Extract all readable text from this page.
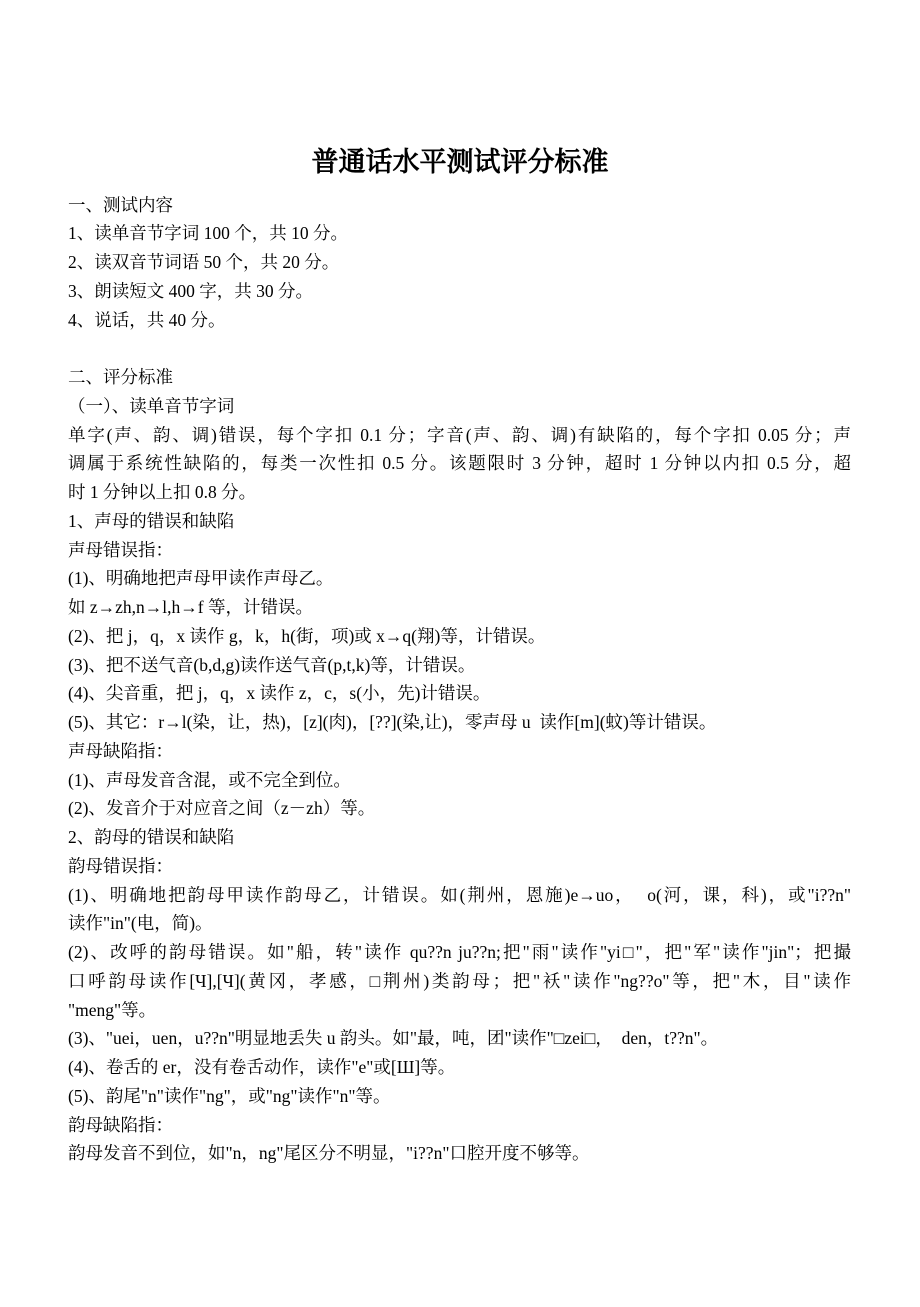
普通话水平测试评分标准
一、测试内容
1、读单音节字词 100 个，共 10 分。
2、读双音节词语 50 个，共 20 分。
3、朗读短文 400 字，共 30 分。
4、说话，共 40 分。
二、评分标准
（一）、读单音节字词
单字(声、韵、调)错误，每个字扣 0.1 分；字音(声、韵、调)有缺陷的，每个字扣 0.05 分；声
调属于系统性缺陷的，每类一次性扣 0.5 分。该题限时 3 分钟，超时 1 分钟以内扣 0.5 分，超
时 1 分钟以上扣 0.8 分。
1、声母的错误和缺陷
声母错误指：
(1)、明确地把声母甲读作声母乙。
如 z→zh,n→l,h→f 等，计错误。
(2)、把 j，q，x 读作 g，k，h(街，项)或 x→q(翔)等，计错误。
(3)、把不送气音(b,d,g)读作送气音(p,t,k)等，计错误。
(4)、尖音重，把 j，q，x 读作 z，c，s(小，先)计错误。
(5)、其它：r→l(染，让，热)，[z](肉)，[??](染,让)，零声母 u  读作[m](蚊)等计错误。
声母缺陷指：
(1)、声母发音含混，或不完全到位。
(2)、发音介于对应音之间（z－zh）等。
2、韵母的错误和缺陷
韵母错误指：
(1)、明确地把韵母甲读作韵母乙，计错误。如(荆州，恩施)e→uo，  o(河，课，科)，或"i??n"
读作"in"(电，简)。
(2)、改呼的韵母错误。如"船，转"读作 qu??n ju??n;把"雨"读作"yi□"，把"军"读作"jin"；把撮
口呼韵母读作[Ч],[Ч](黄冈，孝感，□荆州)类韵母；把"袄"读作"ng??o"等，把"木，目"读作
"meng"等。
(3)、"uei，uen，u??n"明显地丢失 u 韵头。如"最，吨，团"读作"□zei□，  den，t??n"。
(4)、卷舌的 er，没有卷舌动作，读作"e"或[Ш]等。
(5)、韵尾"n"读作"ng"，或"ng"读作"n"等。
韵母缺陷指：
韵母发音不到位，如"n，ng"尾区分不明显，"i??n"口腔开度不够等。
